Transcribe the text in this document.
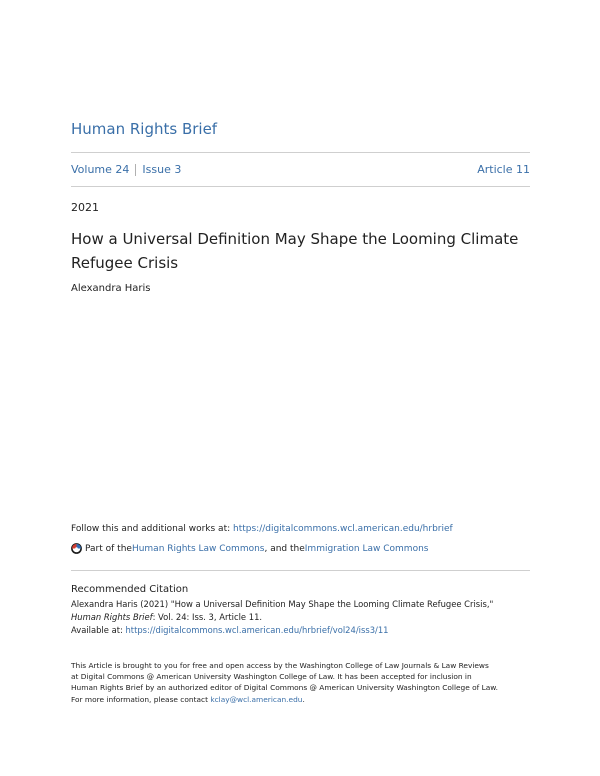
Human Rights Brief
Volume 24 Issue 3	Article 11
2021
How a Universal Definition May Shape the Looming Climate Refugee Crisis
Alexandra Haris
Follow this and additional works at: https://digitalcommons.wcl.american.edu/hrbrief
Part of the Human Rights Law Commons , and the Immigration Law Commons
Recommended Citation
Alexandra Haris (2021) "How a Universal Definition May Shape the Looming Climate Refugee Crisis,"
Human Rights Brief: Vol. 24: Iss. 3, Article 11.
Available at: https://digitalcommons.wcl.american.edu/hrbrief/vol24/iss3/11
This Article is brought to you for free and open access by the Washington College of Law Journals & Law Reviews
at Digital Commons @ American University Washington College of Law. It has been accepted for inclusion in
Human Rights Brief by an authorized editor of Digital Commons @ American University Washington College of Law.
For more information, please contact kclay@wcl.american.edu.
